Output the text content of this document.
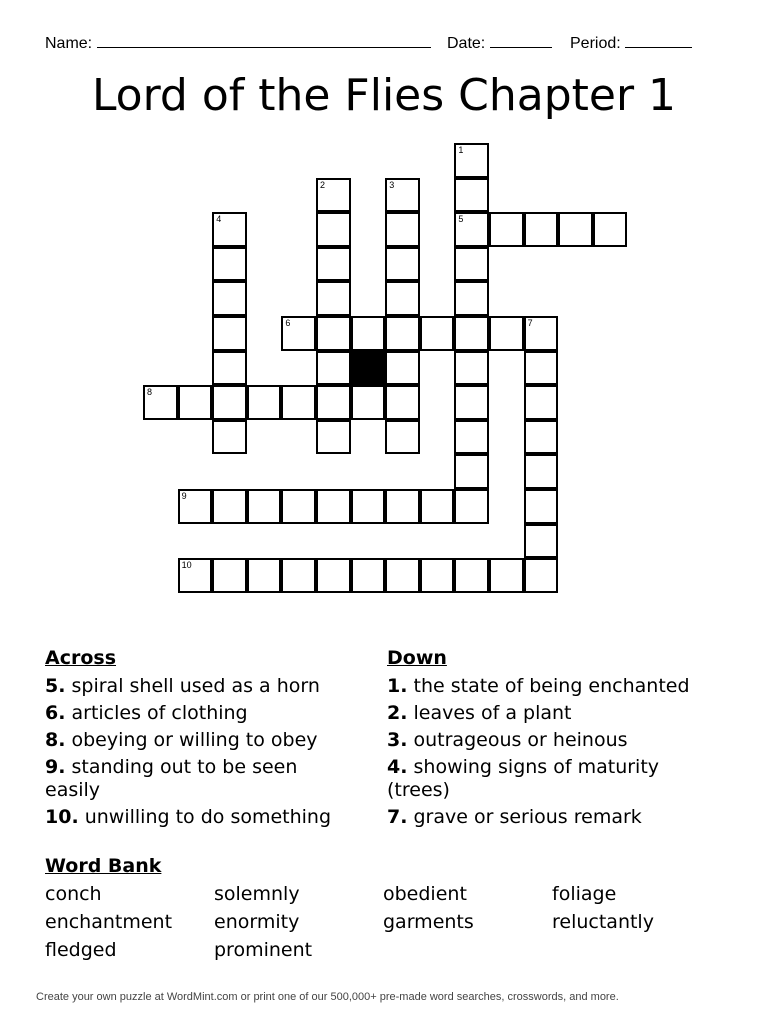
Name:	Date:	Period:
Lord of the Flies Chapter 1
1
5
2	3
4
6	7
8
9
10
Across
5. spiral shell used as a horn
6. articles of clothing
8. obeying or willing to obey
9. standing out to be seen easily
10. unwilling to do something
Down
1. the state of being enchanted
2. leaves of a plant
3. outrageous or heinous
4. showing signs of maturity (trees)
7. grave or serious remark
Word Bank
conch	solemnly	obedient	foliage
enchantment	enormity	garments	reluctantly
fledged	prominent
Create your own puzzle at WordMint.com or print one of our 500,000+ pre-made word searches, crosswords, and more.
